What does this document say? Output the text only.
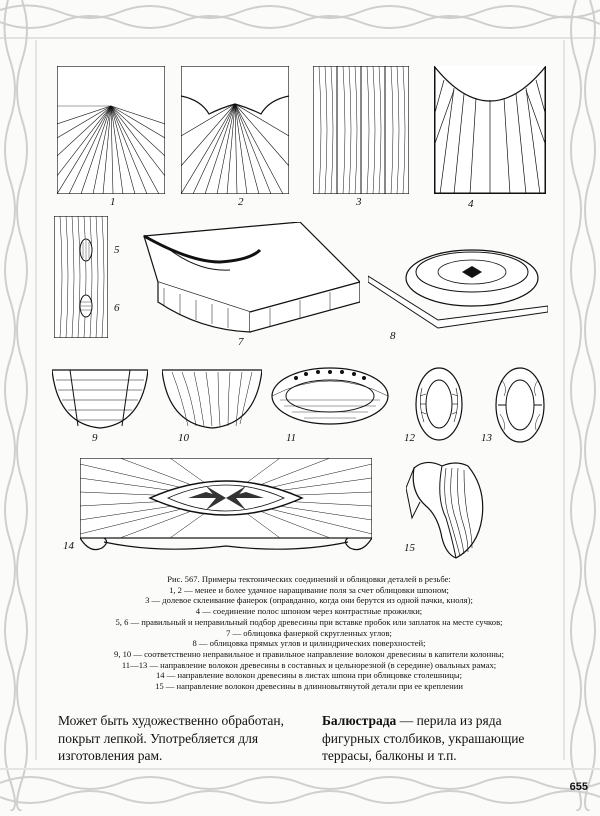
1	2	3	4
5
6
7	8
9	10	11	12	13
14	15
Рис. 567. Примеры тектонических соединений и облицовки деталей в резьбе:
1, 2 — менее и более удачное наращивание поля за счет облицовки шпоном;
3 — долевое склеивание фанерок (оправданно, когда они берутся из одной пачки, кноля);
4 — соединение полос шпоном через контрастные прожилки;
5, 6 — правильный и неправильный подбор древесины при вставке пробок или заплаток на месте сучков;
7 — облицовка фанеркой скругленных углов;
8 — облицовка прямых углов и цилиндрических поверхностей;
9, 10 — соответственно неправильное и правильное направление волокон древесины в капители колонны;
11—13 — направление волокон древесины в составных и цельнорезной (в середине) овальных рамах;
14 — направление волокон древесины в листах шпона при облицовке столешницы;
15 — направление волокон древесины в длинновытянутой детали при ее креплении
Может быть художественно обработан, покрыт лепкой. Употребляется для изготовления рам.
Балюстрада — перила из ряда фигурных столбиков, украшающие террасы, балконы и т.п.
655
